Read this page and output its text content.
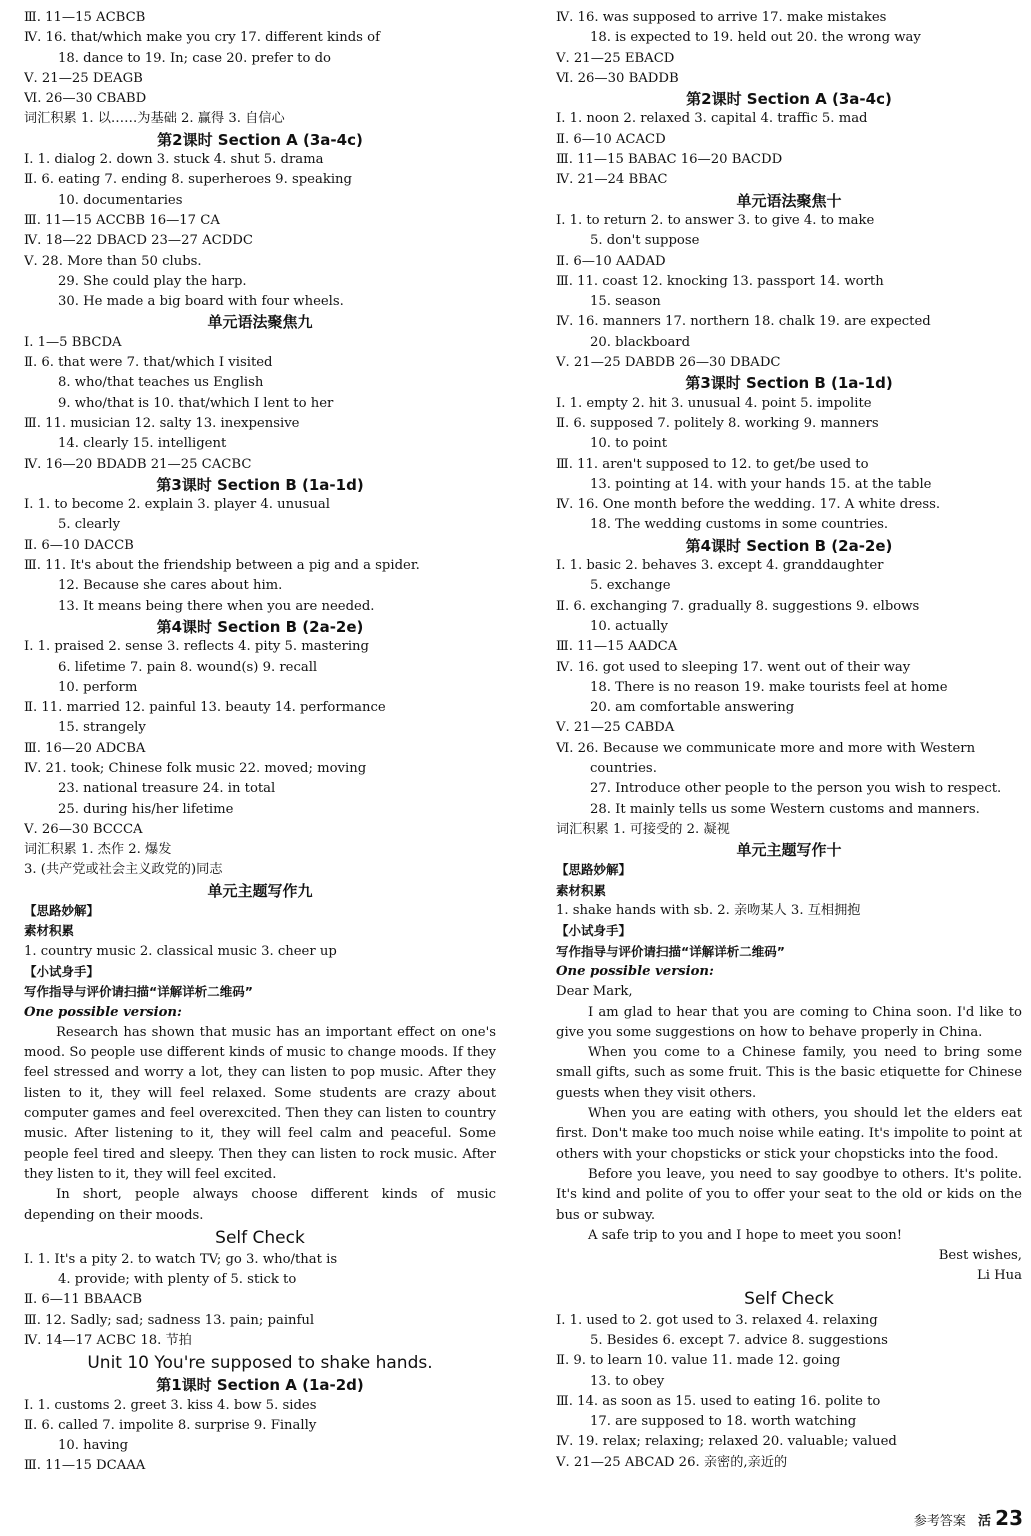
Ⅲ. 11—15 ACBCB
Ⅳ. 16. that/which make you cry 17. different kinds of
18. dance to 19. In; case 20. prefer to do
Ⅴ. 21—25 DEAGB
Ⅵ. 26—30 CBABD
词汇积累 1. 以……为基础 2. 赢得 3. 自信心
第2课时 Section A (3a-4c)
Ⅰ. 1. dialog 2. down 3. stuck 4. shut 5. drama
Ⅱ. 6. eating 7. ending 8. superheroes 9. speaking
10. documentaries
Ⅲ. 11—15 ACCBB 16—17 CA
Ⅳ. 18—22 DBACD 23—27 ACDDC
Ⅴ. 28. More than 50 clubs.
29. She could play the harp.
30. He made a big board with four wheels.
单元语法聚焦九
Ⅰ. 1—5 BBCDA
Ⅱ. 6. that were 7. that/which I visited
8. who/that teaches us English
9. who/that is 10. that/which I lent to her
Ⅲ. 11. musician 12. salty 13. inexpensive
14. clearly 15. intelligent
Ⅳ. 16—20 BDADB 21—25 CACBC
第3课时 Section B (1a-1d)
Ⅰ. 1. to become 2. explain 3. player 4. unusual
5. clearly
Ⅱ. 6—10 DACCB
Ⅲ. 11. It's about the friendship between a pig and a spider.
12. Because she cares about him.
13. It means being there when you are needed.
第4课时 Section B (2a-2e)
Ⅰ. 1. praised 2. sense 3. reflects 4. pity 5. mastering
6. lifetime 7. pain 8. wound(s) 9. recall
10. perform
Ⅱ. 11. married 12. painful 13. beauty 14. performance
15. strangely
Ⅲ. 16—20 ADCBA
Ⅳ. 21. took; Chinese folk music 22. moved; moving
23. national treasure 24. in total
25. during his/her lifetime
Ⅴ. 26—30 BCCCA
词汇积累 1. 杰作 2. 爆发
3. (共产党或社会主义政党的)同志
单元主题写作九
【思路妙解】
素材积累
1. country music 2. classical music 3. cheer up
【小试身手】
写作指导与评价请扫描“详解详析二维码”
One possible version:

Research has shown that music has an important effect on one's mood. So people use different kinds of music to change moods. If they feel stressed and worry a lot, they can listen to pop music. After they listen to it, they will feel relaxed. Some students are crazy about computer games and feel overexcited. Then they can listen to country music. After listening to it, they will feel calm and peaceful. Some people feel tired and sleepy. Then they can listen to rock music. After they listen to it, they will feel excited.

In short, people always choose different kinds of music depending on their moods.

Self Check
Ⅰ. 1. It's a pity 2. to watch TV; go 3. who/that is
4. provide; with plenty of 5. stick to
Ⅱ. 6—11 BBAACB
Ⅲ. 12. Sadly; sad; sadness 13. pain; painful
Ⅳ. 14—17 ACBC 18. 节拍
Unit 10 You're supposed to shake hands.
第1课时 Section A (1a-2d)
Ⅰ. 1. customs 2. greet 3. kiss 4. bow 5. sides
Ⅱ. 6. called 7. impolite 8. surprise 9. Finally
10. having
Ⅲ. 11—15 DCAAA
Ⅳ. 16. was supposed to arrive 17. make mistakes
18. is expected to 19. held out 20. the wrong way
Ⅴ. 21—25 EBACD
Ⅵ. 26—30 BADDB
第2课时 Section A (3a-4c)
Ⅰ. 1. noon 2. relaxed 3. capital 4. traffic 5. mad
Ⅱ. 6—10 ACACD
Ⅲ. 11—15 BABAC 16—20 BACDD
Ⅳ. 21—24 BBAC
单元语法聚焦十
Ⅰ. 1. to return 2. to answer 3. to give 4. to make
5. don't suppose
Ⅱ. 6—10 AADAD
Ⅲ. 11. coast 12. knocking 13. passport 14. worth
15. season
Ⅳ. 16. manners 17. northern 18. chalk 19. are expected
20. blackboard
Ⅴ. 21—25 DABDB 26—30 DBADC
第3课时 Section B (1a-1d)
Ⅰ. 1. empty 2. hit 3. unusual 4. point 5. impolite
Ⅱ. 6. supposed 7. politely 8. working 9. manners
10. to point
Ⅲ. 11. aren't supposed to 12. to get/be used to
13. pointing at 14. with your hands 15. at the table
Ⅳ. 16. One month before the wedding. 17. A white dress.
18. The wedding customs in some countries.
第4课时 Section B (2a-2e)
Ⅰ. 1. basic 2. behaves 3. except 4. granddaughter
5. exchange
Ⅱ. 6. exchanging 7. gradually 8. suggestions 9. elbows
10. actually
Ⅲ. 11—15 AADCA
Ⅳ. 16. got used to sleeping 17. went out of their way
18. There is no reason 19. make tourists feel at home
20. am comfortable answering
Ⅴ. 21—25 CABDA
Ⅵ. 26. Because we communicate more and more with Western
countries.
27. Introduce other people to the person you wish to respect.
28. It mainly tells us some Western customs and manners.
词汇积累 1. 可接受的 2. 凝视
单元主题写作十
【思路妙解】
素材积累
1. shake hands with sb. 2. 亲吻某人 3. 互相拥抱
【小试身手】
写作指导与评价请扫描“详解详析二维码”
One possible version:
Dear Mark,

I am glad to hear that you are coming to China soon. I'd like to give you some suggestions on how to behave properly in China.

When you come to a Chinese family, you need to bring some small gifts, such as some fruit. This is the basic etiquette for Chinese guests when they visit others.

When you are eating with others, you should let the elders eat first. Don't make too much noise while eating. It's impolite to point at others with your chopsticks or stick your chopsticks into the food.

Before you leave, you need to say goodbye to others. It's polite. It's kind and polite of you to offer your seat to the old or kids on the bus or subway.

A safe trip to you and I hope to meet you soon!

Best wishes,
Li Hua
Self Check
Ⅰ. 1. used to 2. got used to 3. relaxed 4. relaxing
5. Besides 6. except 7. advice 8. suggestions
Ⅱ. 9. to learn 10. value 11. made 12. going
13. to obey
Ⅲ. 14. as soon as 15. used to eating 16. polite to
17. are supposed to 18. worth watching
Ⅳ. 19. relax; relaxing; relaxed 20. valuable; valued
Ⅴ. 21—25 ABCAD 26. 亲密的,亲近的
参考答案 活 23
